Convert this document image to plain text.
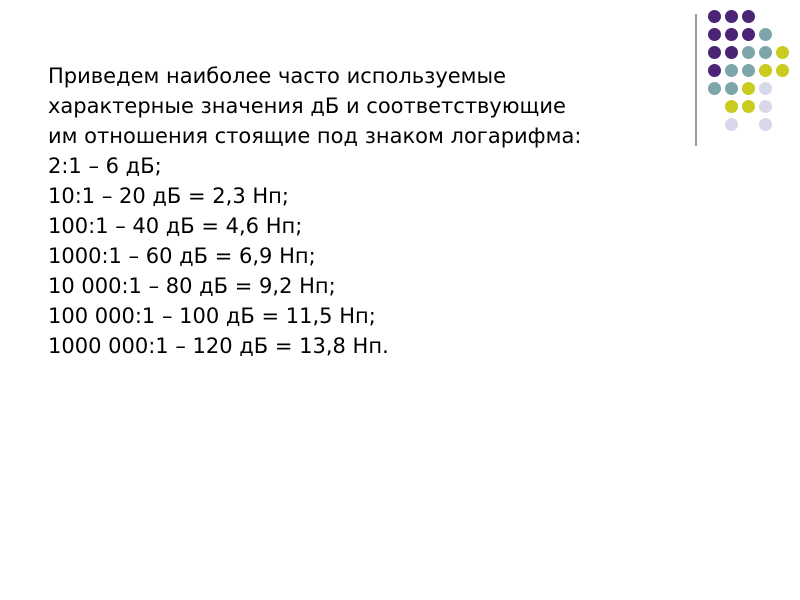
Приведем наиболее часто используемые

характерные значения дБ и соответствующие

им отношения стоящие под знаком логарифма:

2:1 – 6 дБ;

10:1 – 20 дБ = 2,3 Нп;

100:1 – 40 дБ = 4,6 Нп;

1000:1 – 60 дБ = 6,9 Нп;

10 000:1 – 80 дБ = 9,2 Нп;

100 000:1 – 100 дБ = 11,5 Нп;

1000 000:1 – 120 дБ = 13,8 Нп.
